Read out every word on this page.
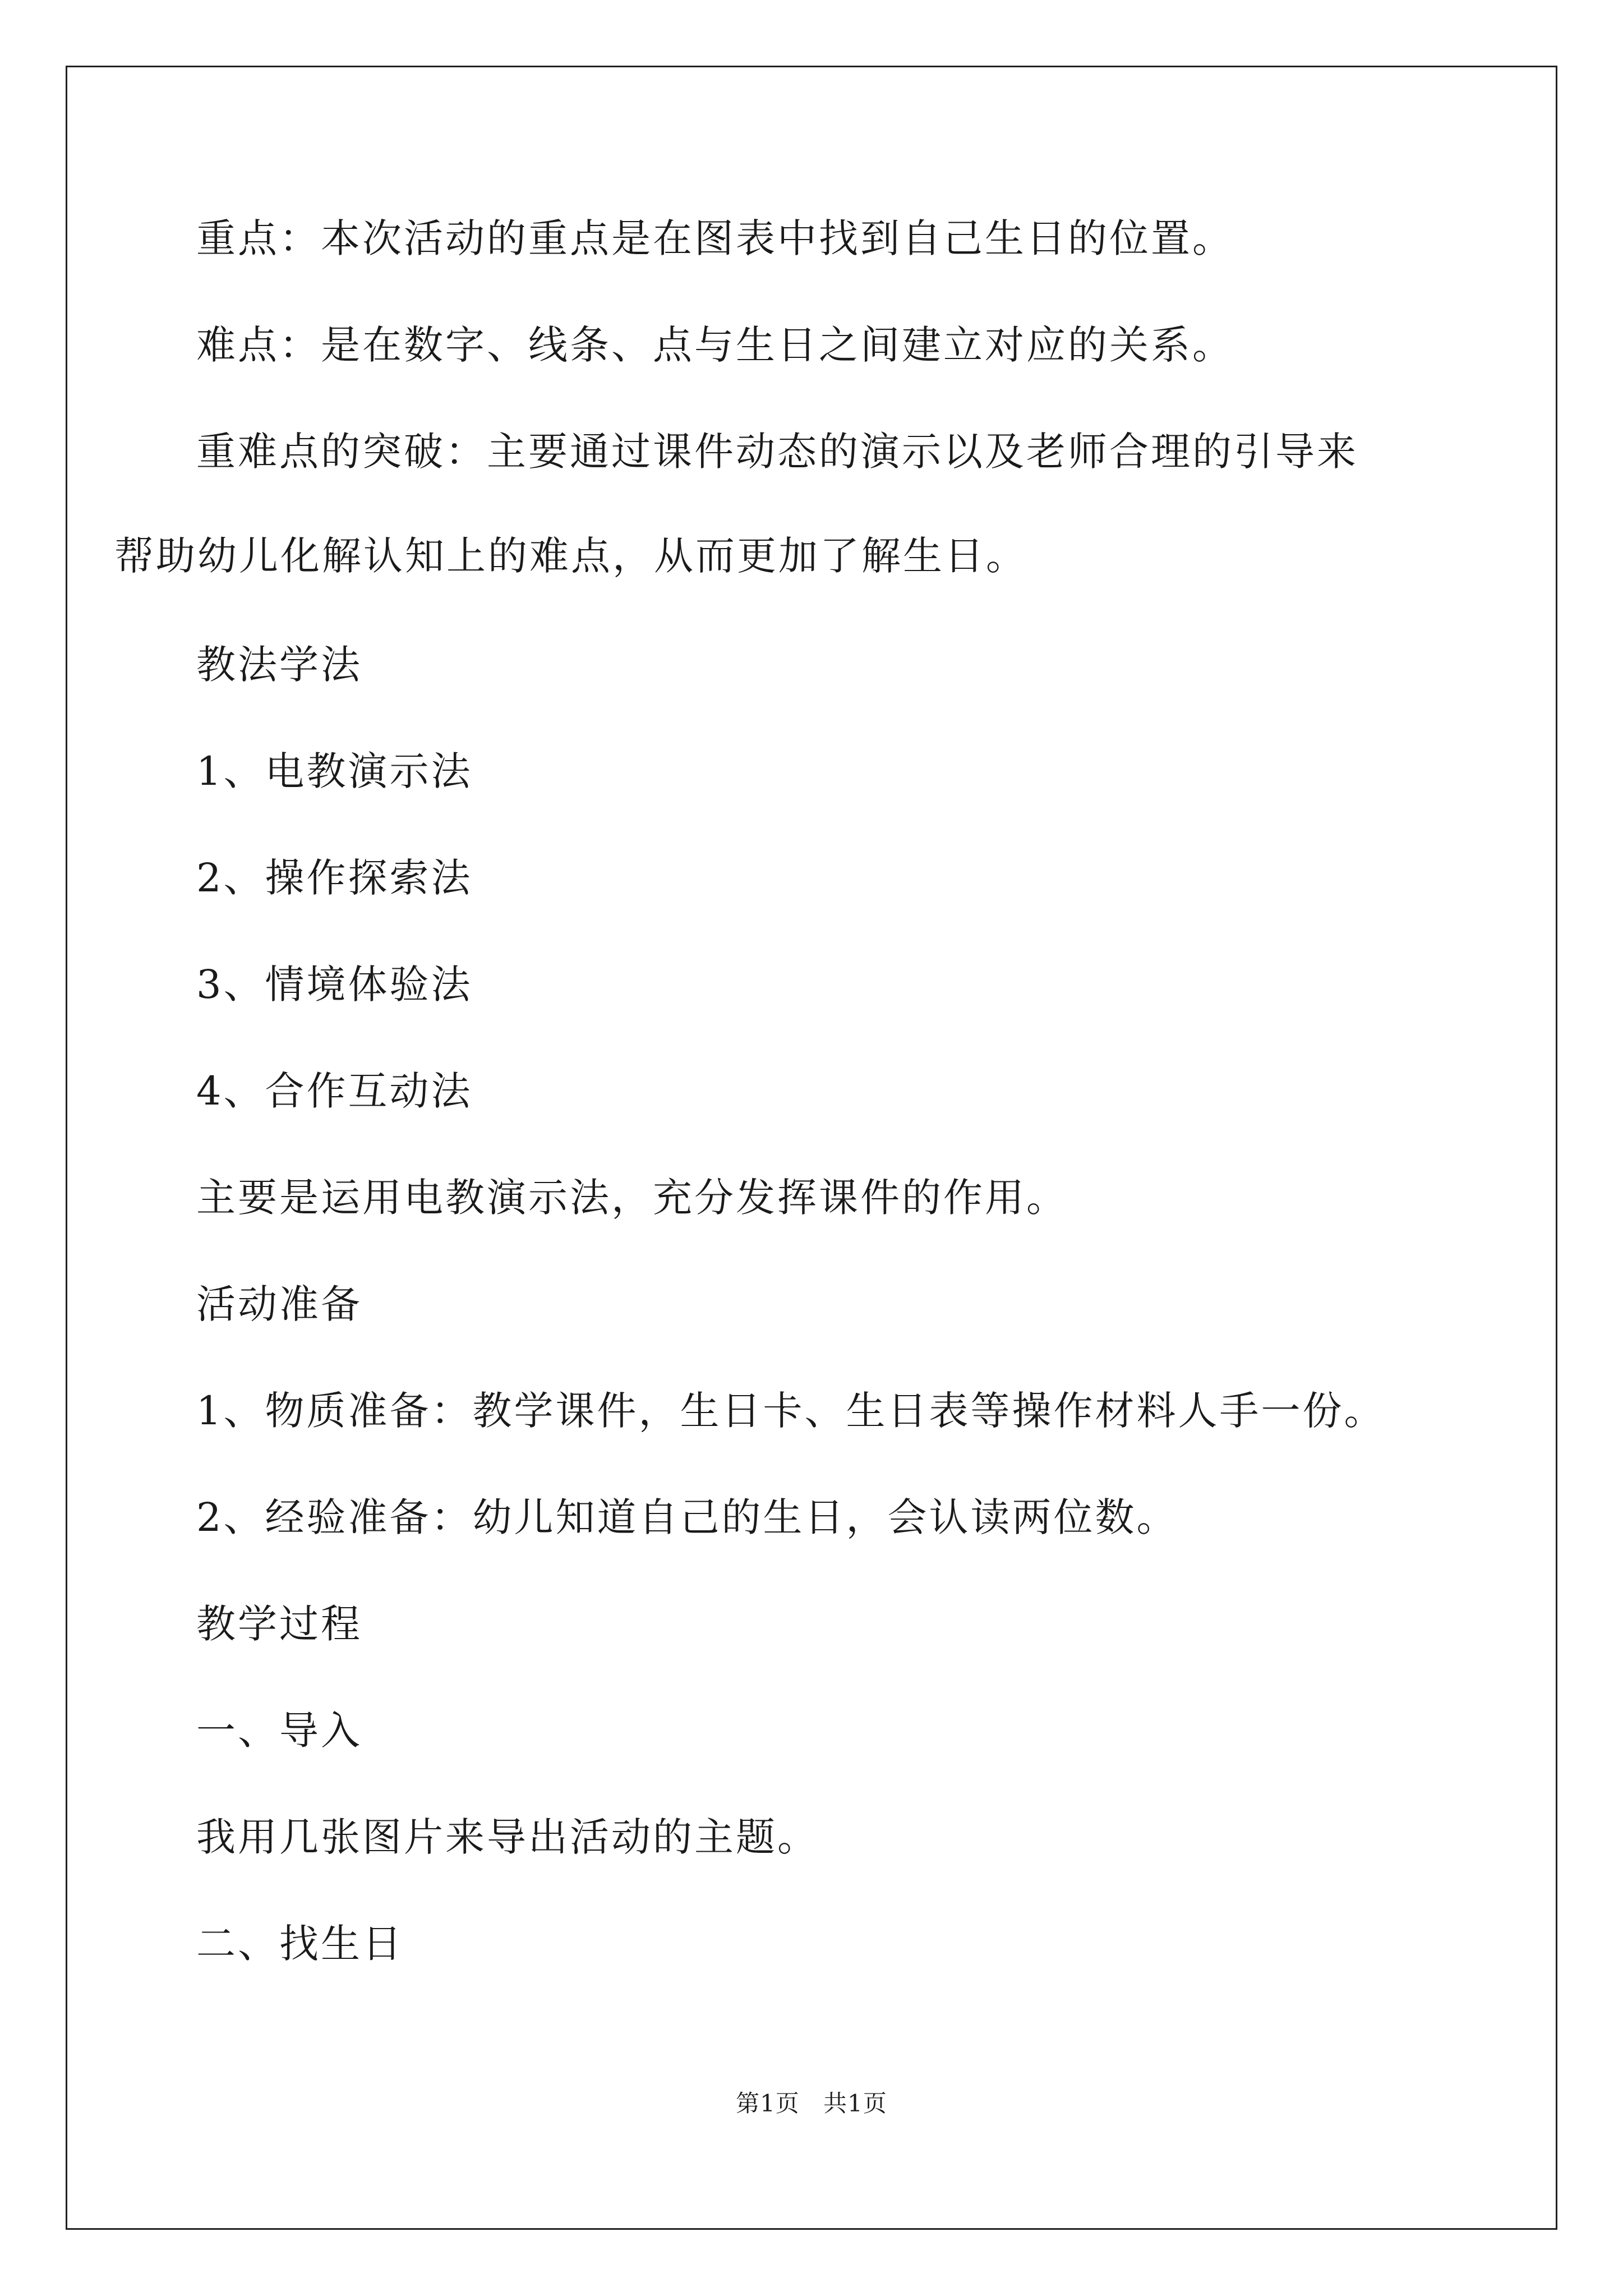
重点：本次活动的重点是在图表中找到自己生日的位置。
难点：是在数字、线条、点与生日之间建立对应的关系。
重难点的突破：主要通过课件动态的演示以及老师合理的引导来
帮助幼儿化解认知上的难点，从而更加了解生日。
教法学法
1、电教演示法
2、操作探索法
3、情境体验法
4、合作互动法
主要是运用电教演示法，充分发挥课件的作用。
活动准备
1、物质准备：教学课件，生日卡、生日表等操作材料人手一份。
2、经验准备：幼儿知道自己的生日，会认读两位数。
教学过程
一、导入
我用几张图片来导出活动的主题。
二、找生日
第1页 共1页
